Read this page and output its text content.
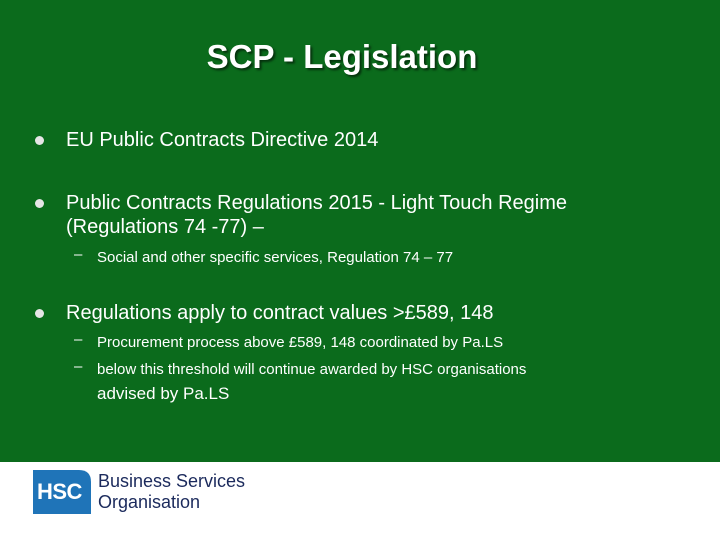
SCP - Legislation
EU Public Contracts Directive 2014
Public Contracts Regulations 2015 - Light Touch Regime
(Regulations 74 -77) –
– Social and other specific services, Regulation 74 – 77
Regulations apply to contract values >£589, 148
– Procurement process above £589, 148 coordinated by Pa.LS
– below this threshold will continue awarded by HSC organisations
advised by Pa.LS
HSC Business Services
Organisation
